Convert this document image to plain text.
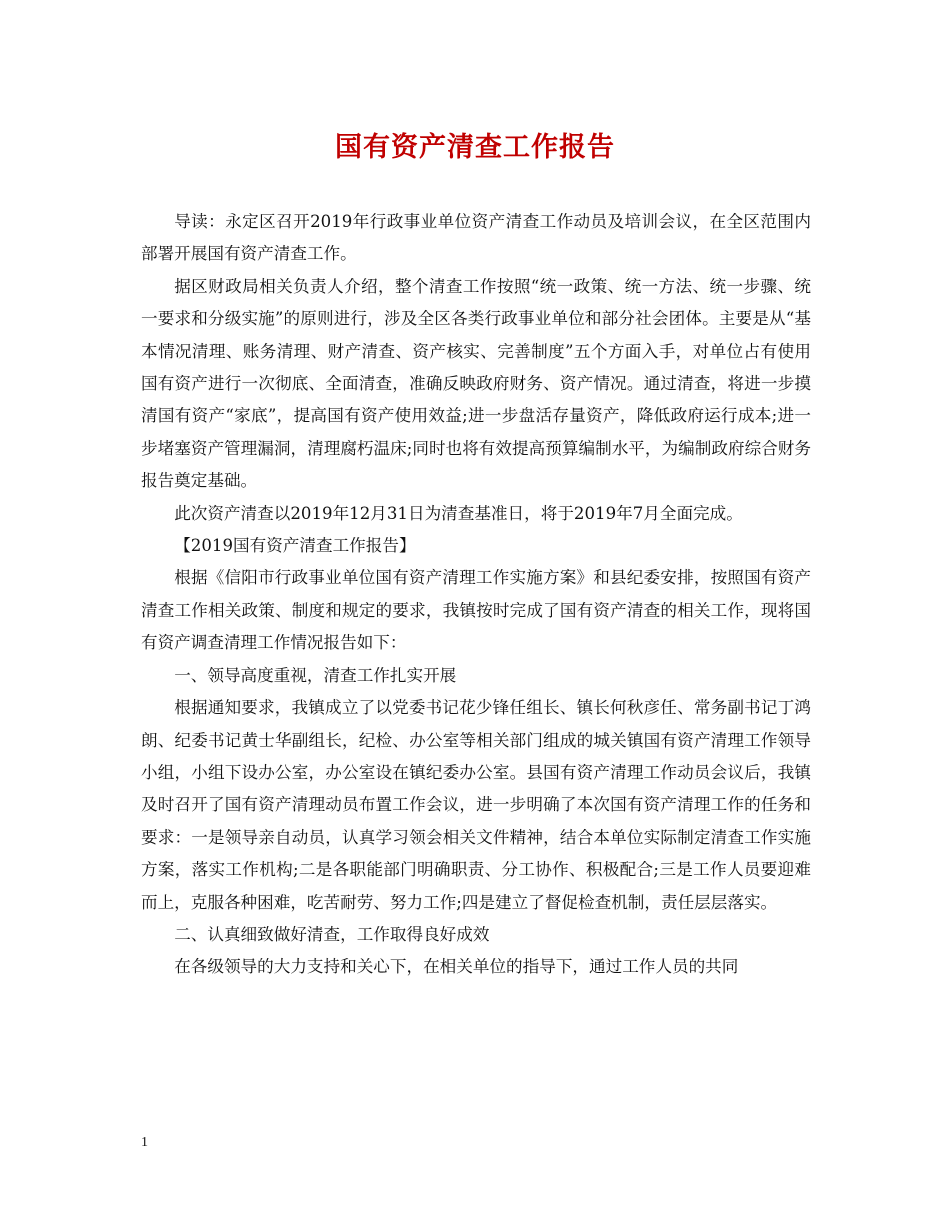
国有资产清查工作报告

导读：永定区召开2019年行政事业单位资产清查工作动员及培训会议，在全区范围内部署开展国有资产清查工作。

据区财政局相关负责人介绍，整个清查工作按照“统一政策、统一方法、统一步骤、统一要求和分级实施”的原则进行，涉及全区各类行政事业单位和部分社会团体。主要是从“基本情况清理、账务清理、财产清查、资产核实、完善制度”五个方面入手，对单位占有使用国有资产进行一次彻底、全面清查，准确反映政府财务、资产情况。通过清查，将进一步摸清国有资产“家底”，提高国有资产使用效益;进一步盘活存量资产，降低政府运行成本;进一步堵塞资产管理漏洞，清理腐朽温床;同时也将有效提高预算编制水平，为编制政府综合财务报告奠定基础。

此次资产清查以2019年12月31日为清查基准日，将于2019年7月全面完成。

【2019国有资产清查工作报告】

根据《信阳市行政事业单位国有资产清理工作实施方案》和县纪委安排，按照国有资产清查工作相关政策、制度和规定的要求，我镇按时完成了国有资产清查的相关工作，现将国有资产调查清理工作情况报告如下：

一、领导高度重视，清查工作扎实开展

根据通知要求，我镇成立了以党委书记花少锋任组长、镇长何秋彦任、常务副书记丁鸿朗、纪委书记黄士华副组长，纪检、办公室等相关部门组成的城关镇国有资产清理工作领导小组，小组下设办公室，办公室设在镇纪委办公室。县国有资产清理工作动员会议后，我镇及时召开了国有资产清理动员布置工作会议，进一步明确了本次国有资产清理工作的任务和要求：一是领导亲自动员，认真学习领会相关文件精神，结合本单位实际制定清查工作实施方案，落实工作机构;二是各职能部门明确职责、分工协作、积极配合;三是工作人员要迎难而上，克服各种困难，吃苦耐劳、努力工作;四是建立了督促检查机制，责任层层落实。

二、认真细致做好清查，工作取得良好成效

在各级领导的大力支持和关心下，在相关单位的指导下，通过工作人员的共同

1
